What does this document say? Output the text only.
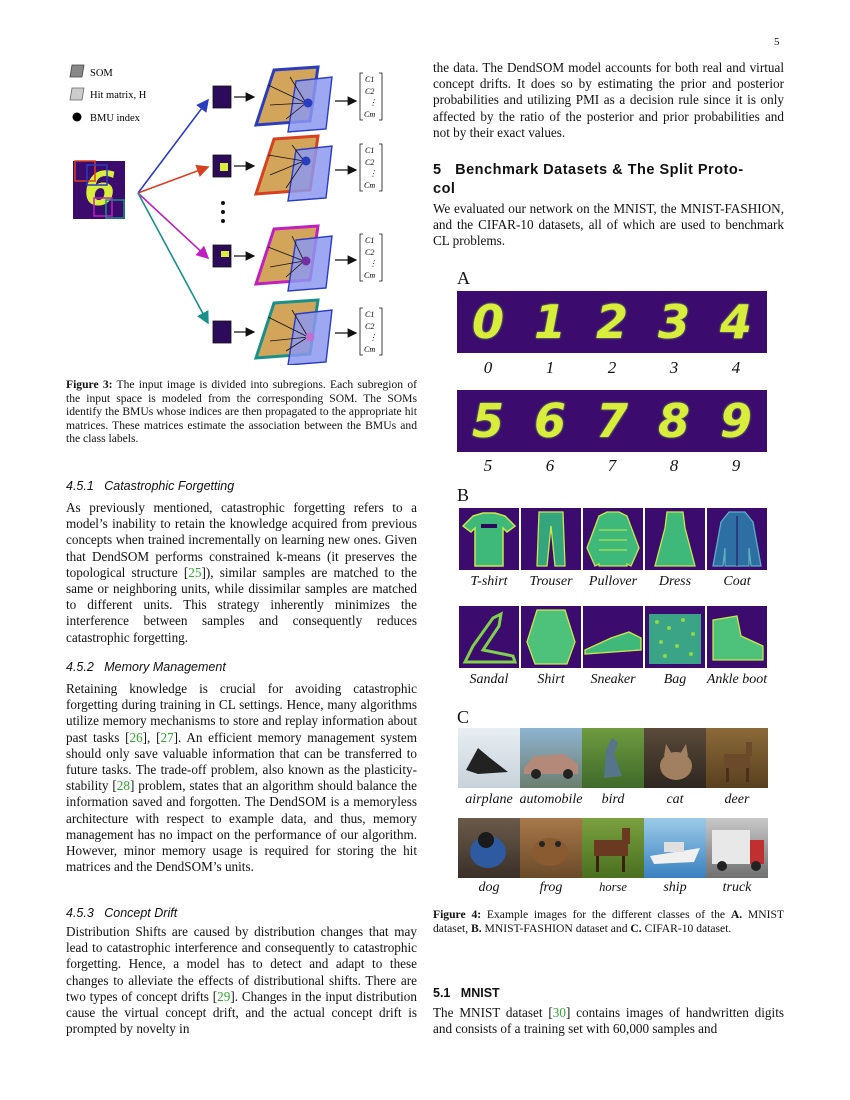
5
SOM
Hit matrix, H
BMU index
6
C1
C2
⋮
Cm
C1
C2
⋮
Cm
C1
C2
⋮
Cm
C1
C2
⋮
Cm

Figure 3: The input image is divided into subregions. Each subregion of the input space is modeled from the corresponding SOM. The SOMs identify the BMUs whose indices are then propagated to the appropriate hit matrices. These matrices estimate the association between the BMUs and the class labels.

4.5.1   Catastrophic Forgetting

As previously mentioned, catastrophic forgetting refers to a model’s inability to retain the knowledge acquired from previous concepts when trained incrementally on learning new ones. Given that DendSOM performs constrained k-means (it preserves the topological structure [25]), similar samples are matched to the same or neighboring units, while dissimilar samples are matched to different units. This strategy inherently minimizes the interference between samples and consequently reduces catastrophic forgetting.

4.5.2   Memory Management

Retaining knowledge is crucial for avoiding catastrophic forgetting during training in CL settings. Hence, many algorithms utilize memory mechanisms to store and replay information about past tasks [26], [27]. An efficient memory management system should only save valuable information that can be transferred to future tasks. The trade-off problem, also known as the plasticity-stability [28] problem, states that an algorithm should balance the information saved and forgotten. The DendSOM is a memoryless architecture with respect to example data, and thus, memory management has no impact on the performance of our algorithm. However, minor memory usage is required for storing the hit matrices and the DendSOM’s units.

4.5.3   Concept Drift

Distribution Shifts are caused by distribution changes that may lead to catastrophic interference and consequently to catastrophic forgetting. Hence, a model has to detect and adapt to these changes to alleviate the effects of distributional shifts. There are two types of concept drifts [29]. Changes in the input distribution cause the virtual concept drift, and the actual concept drift is prompted by novelty in

the data. The DendSOM model accounts for both real and virtual concept drifts. It does so by estimating the prior and posterior probabilities and utilizing PMI as a decision rule since it is only affected by the ratio of the posterior and prior probabilities and not by their exact values.

5   Benchmark Datasets & The Split Proto-
col

We evaluated our network on the MNIST, the MNIST-FASHION, and the CIFAR-10 datasets, all of which are used to benchmark CL problems.

A
0 1 2 3 4
0	1	2	3	4
5 6 7 8 9
5	6	7	8	9
B
T-shirt	Trouser	Pullover	Dress	Coat
Sandal	Shirt	Sneaker	Bag	Ankle boot
C
airplane automobile	bird	cat	deer
dog	frog	horse	ship	truck

Figure 4: Example images for the different classes of the A. MNIST dataset, B. MNIST-FASHION dataset and C. CIFAR-10 dataset.

5.1   MNIST

The MNIST dataset [30] contains images of handwritten digits and consists of a training set with 60,000 samples and
